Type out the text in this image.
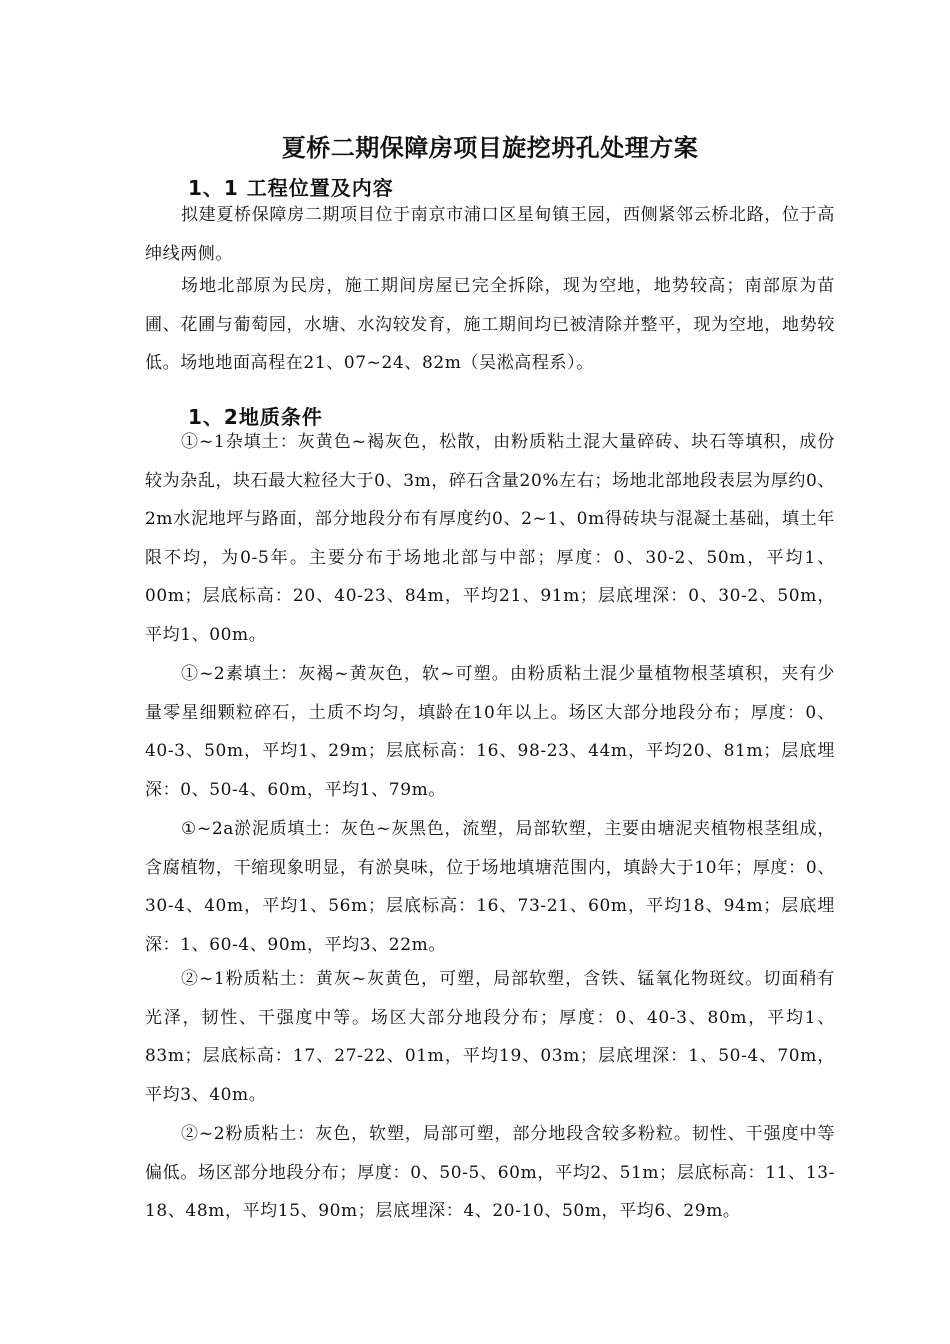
夏桥二期保障房项目旋挖坍孔处理方案
1、1 工程位置及内容
拟建夏桥保障房二期项目位于南京市浦口区星甸镇王园，西侧紧邻云桥北路，位于高绅线两侧。
场地北部原为民房，施工期间房屋已完全拆除，现为空地，地势较高；南部原为苗圃、花圃与葡萄园，水塘、水沟较发育，施工期间均已被清除并整平，现为空地，地势较低。场地地面高程在21、07~24、82m（吴淞高程系）。
1、2地质条件
①~1杂填土：灰黄色~褐灰色，松散，由粉质粘土混大量碎砖、块石等填积，成份较为杂乱，块石最大粒径大于0、3m，碎石含量20%左右；场地北部地段表层为厚约0、2m水泥地坪与路面，部分地段分布有厚度约0、2~1、0m得砖块与混凝土基础，填土年限不均，为0-5年。主要分布于场地北部与中部；厚度：0、30-2、50m，平均1、00m；层底标高：20、40-23、84m，平均21、91m；层底埋深：0、30-2、50m，平均1、00m。
①~2素填土：灰褐~黄灰色，软~可塑。由粉质粘土混少量植物根茎填积，夹有少量零星细颗粒碎石，土质不均匀，填龄在10年以上。场区大部分地段分布；厚度：0、40-3、50m，平均1、29m；层底标高：16、98-23、44m，平均20、81m；层底埋深：0、50-4、60m，平均1、79m。
①~2a淤泥质填土：灰色~灰黑色，流塑，局部软塑，主要由塘泥夹植物根茎组成，含腐植物，干缩现象明显，有淤臭味，位于场地填塘范围内，填龄大于10年；厚度：0、30-4、40m，平均1、56m；层底标高：16、73-21、60m，平均18、94m；层底埋深：1、60-4、90m，平均3、22m。
②~1粉质粘土：黄灰~灰黄色，可塑，局部软塑，含铁、锰氧化物斑纹。切面稍有光泽，韧性、干强度中等。场区大部分地段分布；厚度：0、40-3、80m，平均1、83m；层底标高：17、27-22、01m，平均19、03m；层底埋深：1、50-4、70m，平均3、40m。
②~2粉质粘土：灰色，软塑，局部可塑，部分地段含较多粉粒。韧性、干强度中等偏低。场区部分地段分布；厚度：0、50-5、60m，平均2、51m；层底标高：11、13-18、48m，平均15、90m；层底埋深：4、20-10、50m，平均6、29m。
